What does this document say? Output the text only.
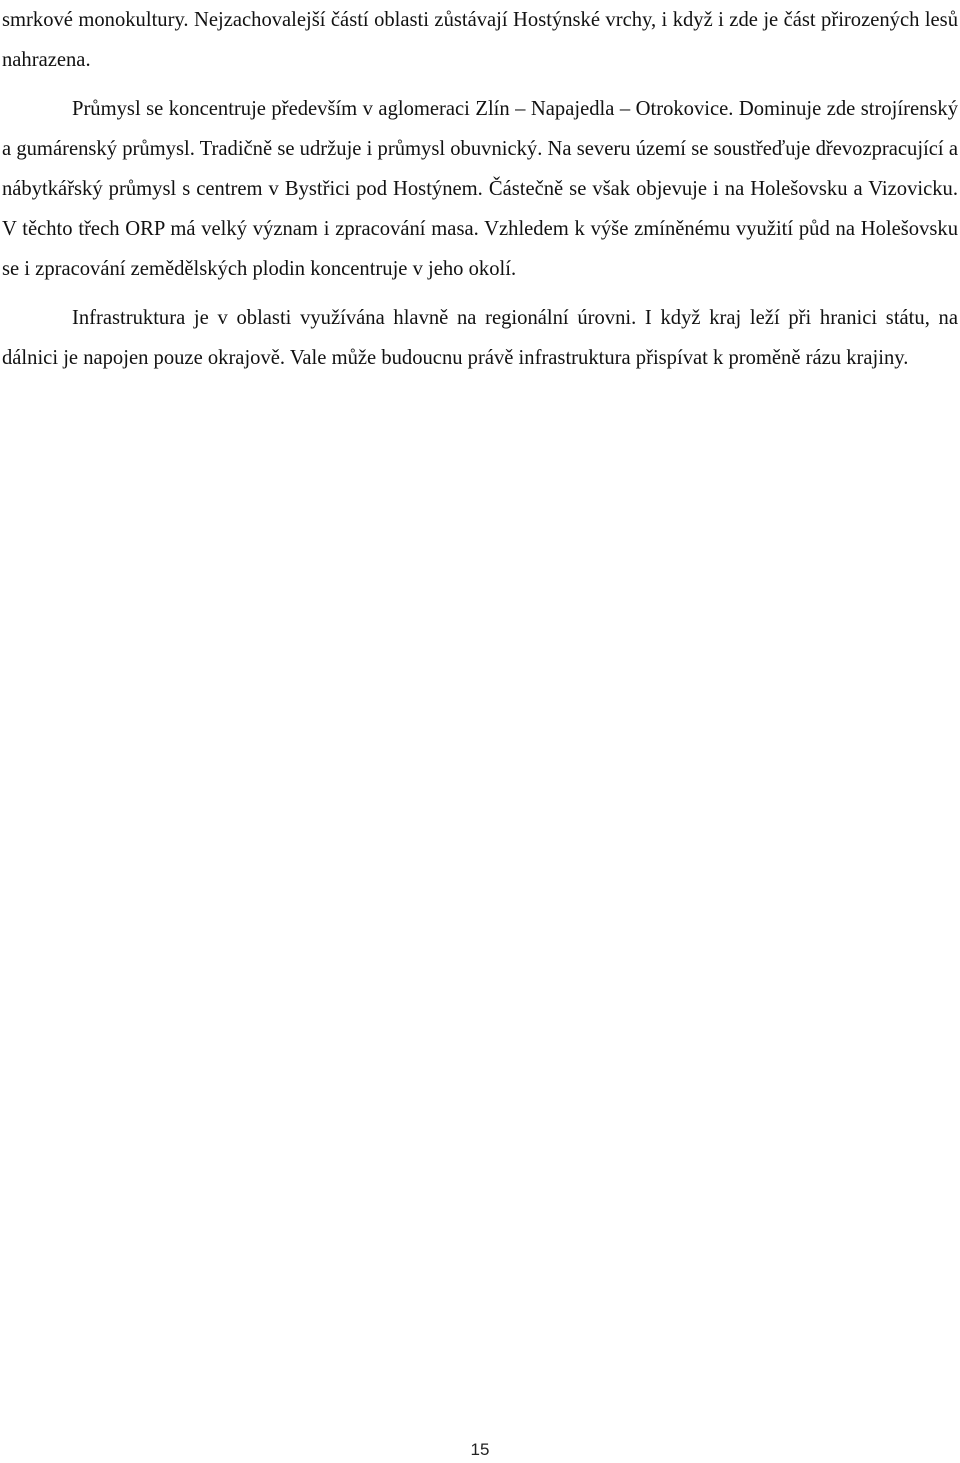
smrkové monokultury. Nejzachovalejší částí oblasti zůstávají Hostýnské vrchy, i když i zde je část přirozených lesů nahrazena.

Průmysl se koncentruje především v aglomeraci Zlín – Napajedla – Otrokovice. Dominuje zde strojírenský a gumárenský průmysl. Tradičně se udržuje i průmysl obuvnický. Na severu území se soustřeďuje dřevozpracující a nábytkářský průmysl s centrem v Bystřici pod Hostýnem. Částečně se však objevuje i na Holešovsku a Vizovicku. V těchto třech ORP má velký význam i zpracování masa. Vzhledem k výše zmíněnému využití půd na Holešovsku se i zpracování zemědělských plodin koncentruje v jeho okolí.

Infrastruktura je v oblasti využívána hlavně na regionální úrovni. I když kraj leží při hranici státu, na dálnici je napojen pouze okrajově. Vale může budoucnu právě infrastruktura přispívat k proměně rázu krajiny.

15
